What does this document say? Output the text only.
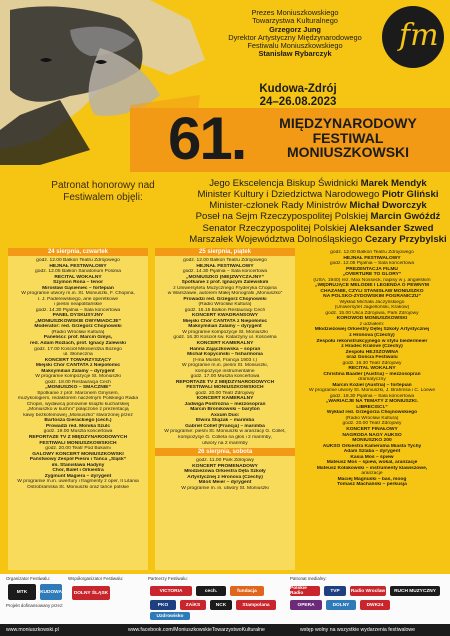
Prezes Moniuszkowskiego
Towarzystwa Kulturalnego
Grzegorz Jung
Dyrektor Artystyczny Międzynarodowego
Festiwalu Moniuszkowskiego
Stanisław Rybarczyk
fm
Kudowa-Zdrój
24–26.08.2023
61.	MIĘDZYNARODOWY
FESTIWAL
MONIUSZKOWSKI
Patronat honorowy nad Festiwalem objęli:
Jego Ekscelencja Biskup Świdnicki Marek Mendyk
Minister Kultury i Dziedzictwa Narodowego Piotr Gliński
Minister-członek Rady Ministrów Michał Dworczyk
Poseł na Sejm Rzeczypospolitej Polskiej Marcin Gwóźdź
Senator Rzeczypospolitej Polskiej Aleksander Szwed
Marszałek Województwa Dolnośląskiego Cezary Przybylski
24 sierpnia, czwartek
godz. 12.00 Balkon Teatru Zdrojowego
HEJNAŁ FESTIWALOWY
godz. 12.05 Balkon Sanatorium Polonia
RECITAL WOKALNY
Szymon Rona – tenor
Mirosław Gąsieniec – fortepian
W programie utwory m.in. St. Moniuszki, F. Chopina,
I. J. Paderewskiego, arie operetkowe
i pieśni neapolitańskie
godz. 14.30 Pijalnia – Sala koncertowa
PANEL DYSKUSYJNY
„MONIUSZKOWSKIE OWYMIADCJE”
Moderator: red. Grzegorz Chojnowski
(Radio Wrocław Kultura)
Paneliści: prof. Marcin Gmys,
red. Adam Rozlach, prof. Ignacy Zalewski
godz. 17.00 Kościół Miłosierdzia Bożego
ul. Słoneczna
KONCERT TOWARZYSZĄCY
Miejski Chór CANTATA z Niepołomic
Maksymilian Zalamy – dyrygent
W programie kompozycje St. Moniuszki
godz. 18.00 Restauracja Cech
„MONIUSZKO – SMACZNIE”
Spotkanie z prof. Marcinem Gmysem,
muzykologiem, redaktorem naczelnym Polskiego Radia
Chopin, wydawcą ponownie książki kucharskiej
„Moniuszko w kuchni” połączone z prezentacją
kawy bezkofeinowej „Moniuszko” stworzonej przez
Bartosza Gierackiego (cech.)
Prowadzi red. Monika Szulc
godz. 19.00 Muszla koncertowa
REPORTAŻE TV Z MIĘDZYNARODOWYCH
FESTIWALI MONIUSZKOWSKICH
godz. 20.00 Teatr Pod Bukami
GALOWY KONCERT MONIUSZKOWSKI
Państwowy Zespół Pieśni i Tańca „Śląsk”
im. Stanisława Hadyny
Chór, Balet i Orkiestra
Zygmunt Magiera – dyrygent
W programie m.in. uwertury i fragmenty z oper, II Litania
Ostrobramska St. Moniuszki oraz tańce polskie
25 sierpnia, piątek
godz. 12.00 Balkon Teatru Zdrojowego
HEJNAŁ FESTIWALOWY
godz. 14.30 Pijalnia – Sala koncertowa
„MONIUSZKO (NIE)ZWYCZAJNY”
Spotkanie z prof. Ignacym Zalewskim
z Uniwersytetu Muzycznego Fryderyka Chopina
w Warszawie, autorem Małej Monografii „Moniuszko”
Prowadzi red. Grzegorz Chojnowski
(Radio Wrocław Kultura)
godz. 15.15 Balkon Restauracji Cech
KONCERT KWADRANSOWY
Miejski Chór CANTATA z Niepołomic
Maksymilian Zalamy – dyrygent
W programie kompozycje St. Moniuszki
godz. 16.30 Kościół św. Katarzyny ul. Kościelna
KONCERT KAMERALNY
Hanna Zajączkowska – sopran
Michał Kopyciński – fisharmonia
(f-ma Mustel, Francja 1903 r.)
W programie m.in. pieśni St. Moniuszki,
kompozycje instrumentalne
godz. 17.00 Muszla koncertowa
REPORTAŻE TV Z MIĘDZYNARODOWYCH
FESTIWALI MONIUSZKOWSKICH
godz. 20.00 Teatr Zdrojowy
KONCERT KAMERALNY
Jadwiga Postrożna – mezzosopran
Marcin Bronikowski – baryton
Axxum Duo:
Elwira Śliązak – marimba
Gabriel Collet (Francja) – marimba
W programie: pieśni St. Moniuszki w aranżacji G. Collet,
kompozycje G. Colleta na głos i 2 marimby,
utwory na 2 marimby
26 sierpnia, sobota
godz. 11.00 Park Zdrojowy
KONCERT PROMENADOWY
Młodzieżowa Orkiestra Dęta Szkoły
Artystycznej z Hronova (Czechy)
Miloš Meier – dyrygent
W programie m. in. utwory St. Moniuszki
godz. 12.00 Balkon Teatru Zdrojowego
HEJNAŁ FESTIWALOWY
godz. 12.05 Pijalnia – Sala koncertowa
PREZENTACJA FILMU
„OVERTURE TO GLORY”
(USA, 1940) reż. Max Nosseck, napisy w j. angielskim
„WĘDRUJĄCE MELODIE I LEGENDA O PEWNYM
CHAZANIE, CZYLI STANISŁAW MONIUSZKO
NA POLSKO-ŻYDOWSKIM POGRANICZU”
Wykład Michała Jaczyńskiego
(Uniwersytet Jagielloński, Kraków)
godz. 15.00 Ulica Zdrojowa, Park Zdrojowy
KOROWÓD MONIUSZKOWSKI
z udziałem:
Młodzieżowej Orkiestry Dętej Szkoły Artystycznej
z Hronova (Czechy)
Zespołu rekonstrukcyjnego w stylu biedermeier
z Hradec Kralove (Czechy)
Zespołu HEJSZOWINA
oraz Gościa Festiwalu
godz. 16.30 Teatr Zdrojowy
RECITAL WOKALNY
Christina Baader (Austria) – mezzosopran
dramatyczny
Marcin Koziel (Austria) – fortepian
W programie utwory St. Moniuszki, J. Brahmsa i C. Loewe
godz. 18.30 Pijalnia – Sala koncertowa
„WARIACJE NA TEMATY Z MONIUSZKI.
LIBRECISCI.”
Wykład red. Grzegorza Chojnowskiego
(Radio Wrocław Kultura)
godz. 20.00 Teatr Zdrojowy
KONCERT FINAŁOWY
NAGRODA NAGY AUKSO
MONIUSZKO 200
AUKSO Orkiestra Kameralna Miasta Tychy
Adam Szlaba – dyrygent
Kasia Moś – śpiew
Mateusz Moś – śpiew, wokal, aranżacje
Mateusz Kołakowski – instrumenty klawiszowe,
aranżacje
Maciej Magnuski – bas, moog
Tomasz Machański – perkusja
Organizator Festiwalu:	Współorganizator Festiwalu:	Partnerzy Festiwalu:	Patronat medialny:
Projekt dofinansowany przez:
MTK	KUDOWA	DOLNY ŚLĄSK	VICTORIA	cech.	fundacja
PKO	ZAiKS	NCK	Stampolana
Uzdrowisko
Polskie Radio	TVP	Radio Wrocław	RUCH MUZYCZNY
OPERA	DOLNY	DWK24
www.moniuszkowski.pl	www.facebook.com/MoniuszkowskieTowarzystwoKulturalne	wstęp wolny na wszystkie wydarzenia festiwalowe
